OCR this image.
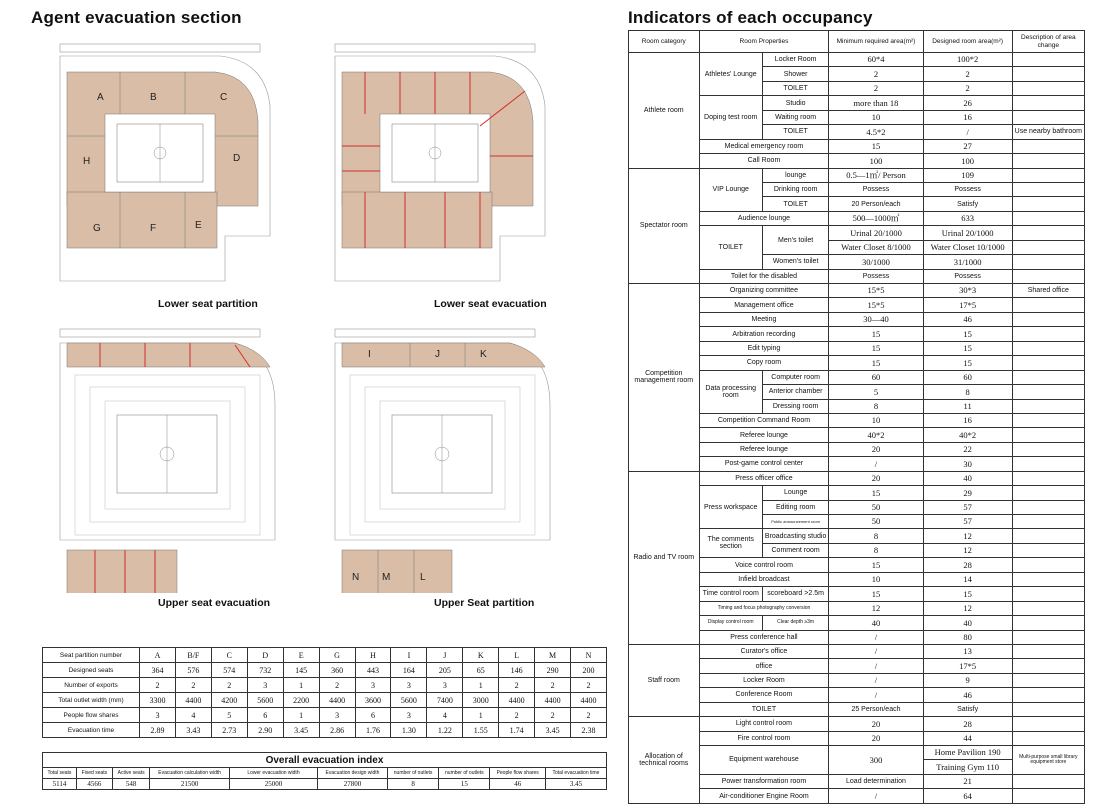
Agent evacuation section	Indicators of each occupancy
A	B	C
D
E
F
G
H
Lower seat partition	Lower seat evacuation
Upper seat evacuation
I	J	K
L
M
N
Upper Seat partition
Seat partition number	A	B/F	C	D	E	G	H	I	J	K	L	M	N
Designed seats	364	576	574	732	145	360	443	164	205	65	146	290	200
Number of exports	2	2	2	3	1	2	3	3	3	1	2	2	2
Total outlet width (mm)	3300	4400	4200	5600	2200	4400	3600	5600	7400	3000	4400	4400	4400
People flow shares	3	4	5	6	1	3	6	3	4	1	2	2	2
Evacuation time	2.89	3.43	2.73	2.90	3.45	2.86	1.76	1.30	1.22	1.55	1.74	3.45	2.38
Overall evacuation index									
Total seats	Fixed seats	Active seats	Evacuation calculation width	Lower evacuation width	Evacuation design width	number of outlets	number of outlets	People flow shares	Total evacuation time
5114	4566	548	21500	25000	27800	8	15	46	3.45
Room category	Room Properties		Minimum required area(m²)	Designed room area(m²)	Description of area change
Athlete room	Athletes' Lounge	Locker Room	60*4	100*2	
		Shower	2	2	
		TOILET	2	2	
	Doping test room	Studio	more than 18	26	
		Waiting room	10	16	
		TOILET	4.5*2	/	Use nearby bathroom
	Medical emergency room		15	27	
	Call Room		100	100	
Spectator room	VIP Lounge	lounge	0.5—1㎡/ Person	109	
		Drinking room	Possess	Possess	
		TOILET	20 Person/each	Satisfy	
	Audience lounge		500—1000㎡	633	
	TOILET	Men's toilet	Urinal 20/1000	Urinal 20/1000	
			Water Closet 8/1000	Water Closet 10/1000	
		Women's toilet	30/1000	31/1000	
	Toilet for the disabled		Possess	Possess	
Competition management room	Organizing committee		15*5	30*3	Shared office
	Management office		15*5	17*5	
	Meeting		30—40	46	
	Arbitration recording		15	15	
	Edit typing		15	15	
	Copy room		15	15	
	Data processing room	Computer room	60	60	
		Anterior chamber	5	8	
		Dressing room	8	11	
	Competition Command Room		10	16	
	Referee lounge		40*2	40*2	
	Referee lounge		20	22	
	Post-game control center		/	30	
Radio and TV room	Press officer office		20	40	
	Press workspace	Lounge	15	29	
		Editing room	50	57	
		Public announcement room	50	57	
	The comments section	Broadcasting studio	8	12	
		Comment room	8	12	
	Voice control room		15	28	
	Infield broadcast		10	14	
	Time control room	scoreboard >2.5m	15	15	
	Timing and focus photography conversion		12	12	
	Display control room	Clear depth ≥3m	40	40	
	Press conference hall		/	80	
Staff room	Curator's office		/	13	
	office		/	17*5	
	Locker Room		/	9	
	Conference Room		/	46	
	TOILET		25 Person/each	Satisfy	
Allocation of technical rooms	Light control room		20	28	
	Fire control room		20	44	
	Equipment warehouse		300	Home Pavilion 190	Multi-purpose small library equipment store
				Training Gym 110	
	Power transformation room		Load determination	21	
	Air-conditioner Engine Room		/	64	
